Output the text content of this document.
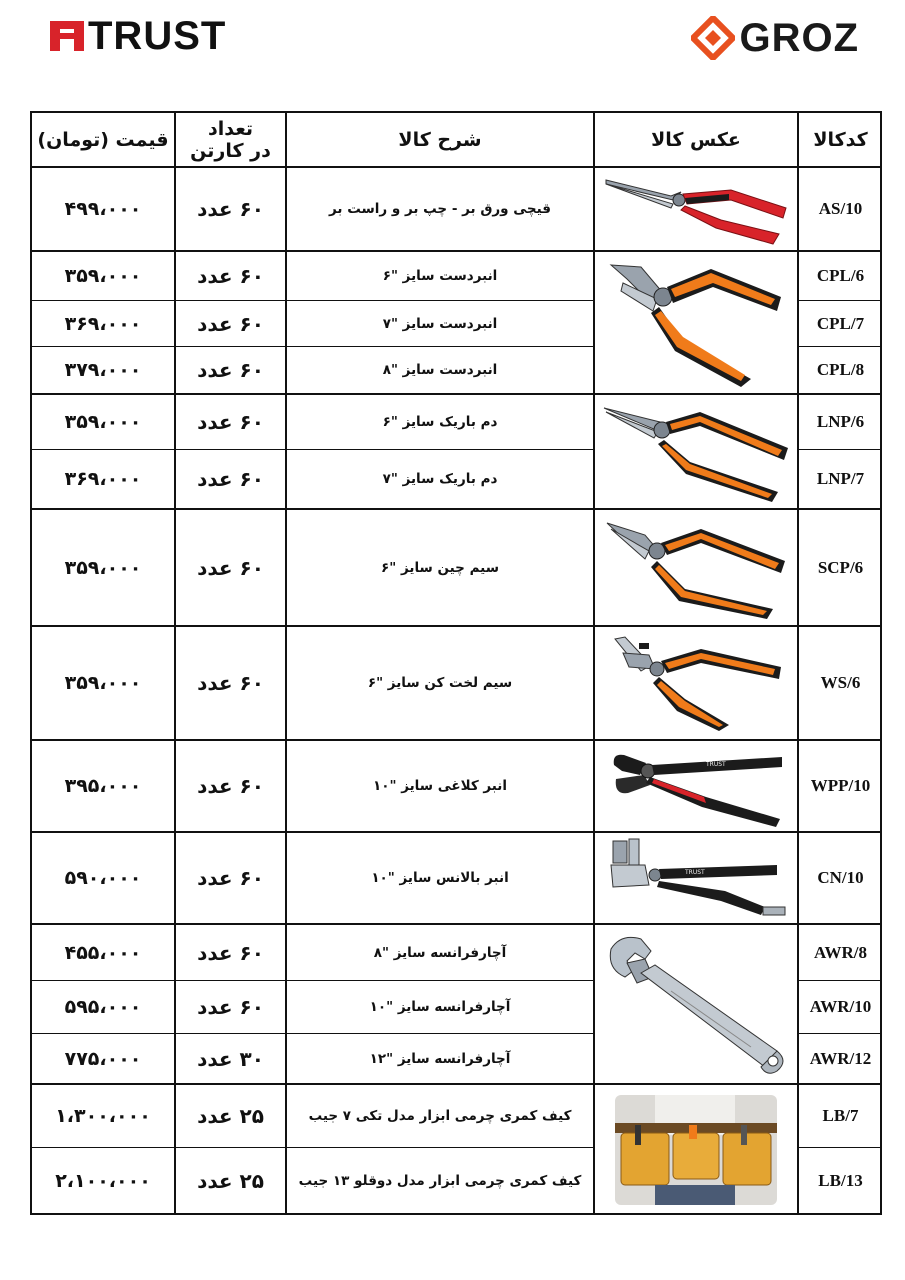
TRUST	GROZ
کدکالا
عکس کالا
شرح کالا
تعداد
در کارتن
قیمت (تومان)
AS/10
قیچی ورق بر - چپ بر و راست بر
۶۰ عدد
۴۹۹،۰۰۰
CPL/6
انبردست سایز "۶
۶۰ عدد
۳۵۹،۰۰۰
CPL/7
انبردست سایز "۷
۶۰ عدد
۳۶۹،۰۰۰
CPL/8
انبردست سایز "۸
۶۰ عدد
۳۷۹،۰۰۰
LNP/6
دم باریک سایز "۶
۶۰ عدد
۳۵۹،۰۰۰
LNP/7
دم باریک سایز "۷
۶۰ عدد
۳۶۹،۰۰۰
SCP/6
سیم چین سایز "۶
۶۰ عدد
۳۵۹،۰۰۰
WS/6
سیم لخت کن سایز "۶
۶۰ عدد
۳۵۹،۰۰۰
WPP/10
انبر کلاغی سایز "۱۰
۶۰ عدد
۳۹۵،۰۰۰
CN/10
انبر بالانس سایز "۱۰
۶۰ عدد
۵۹۰،۰۰۰
AWR/8
آچارفرانسه سایز "۸
۶۰ عدد
۴۵۵،۰۰۰
AWR/10
آچارفرانسه سایز "۱۰
۶۰ عدد
۵۹۵،۰۰۰
AWR/12
آچارفرانسه سایز "۱۲
۳۰ عدد
۷۷۵،۰۰۰
LB/7
کیف کمری چرمی ابزار مدل تکی ۷ جیب
۲۵ عدد
۱،۳۰۰،۰۰۰
LB/13
کیف کمری چرمی ابزار مدل دوقلو ۱۳ جیب
۲۵ عدد
۲،۱۰۰،۰۰۰
TRUST
TRUST
